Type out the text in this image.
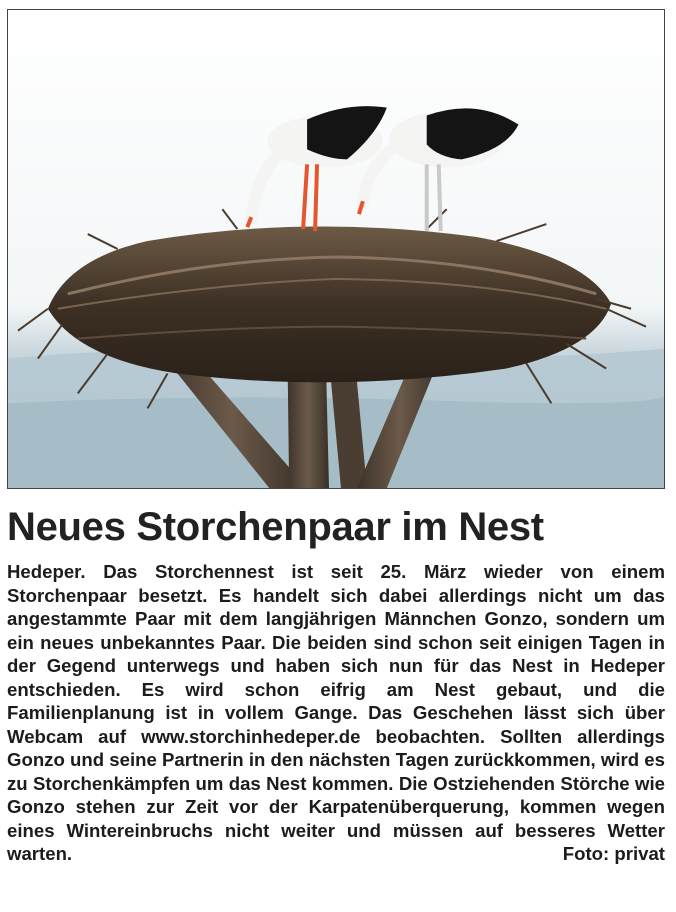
Neues Storchenpaar im Nest

Hedeper. Das Storchennest ist seit 25. März wieder von einem Storchenpaar besetzt. Es handelt sich dabei allerdings nicht um das angestammte Paar mit dem langjährigen Männchen Gonzo, sondern um ein neues unbekanntes Paar. Die beiden sind schon seit einigen Tagen in der Gegend unterwegs und haben sich nun für das Nest in Hedeper entschieden. Es wird schon eifrig am Nest gebaut, und die Familienplanung ist in vollem Gange. Das Geschehen lässt sich über Webcam auf www.storchinhedeper.de beobachten. Sollten allerdings Gonzo und seine Partnerin in den nächsten Tagen zurückkommen, wird es zu Storchenkämpfen um das Nest kommen. Die Ostziehenden Störche wie Gonzo stehen zur Zeit vor der Karpatenüberquerung, kommen wegen eines Wintereinbruchs nicht weiter und müssen auf besseres Wetter warten.	Foto: privat
